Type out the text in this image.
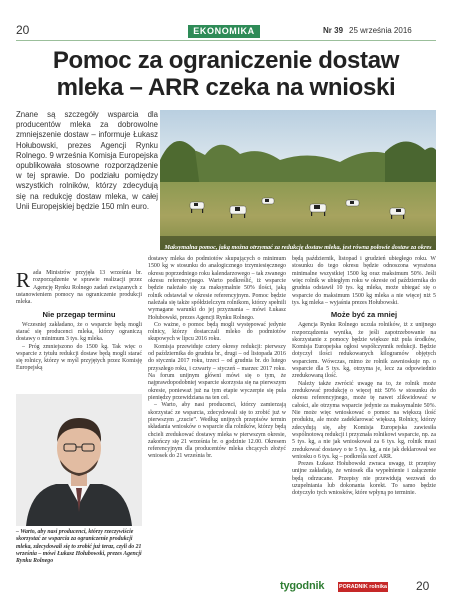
20	EKONOMIKA	Nr 39 25 września 2016
Pomoc za ograniczenie dostaw
mleka – ARR czeka na wnioski
Znane są szczegóły wsparcia dla producentów mleka za dobrowolne zmniejszenie dostaw – informuje Łukasz Hołubowski, prezes Agencji Rynku Rolnego. 9 września Komisja Europejska opublikowała stosowne rozporządzenie w tej sprawie. Do podziału pomiędzy wszystkich rolników, którzy zdecydują się na redukcję dostaw mleka, w całej Unii Europejskiej będzie 150 mln euro.
Maksymalna pomoc, jaką można otrzymać za redukcję dostaw mleka, jest równa połowie dostaw za okres od października do grudnia ubiegłego roku

Rada Ministrów przyjęła 13 września br. rozporządzenie w sprawie realizacji przez Agencję Rynku Rolnego zadań związanych z ustanowieniem pomocy na ograniczenie produkcji mleka.

Nie przegap terminu

Wczesniej zakładano, że o wsparcie będą mogli starać się producenci mleka, którzy ograniczą dostawy o minimum 3 tys. kg mleka.

– Próg zmniejszono do 1500 kg. Tak więc o wsparcie z tytułu redukcji dostaw będą mogli starać się rolnicy, którzy w myśl przyjętych przez Komisję Europejską

– Warto, aby nasi producenci, którzy rzeczywiście skorzystać ze wsparcia za ograniczenie produkcji mleka, zdecydowali się to zrobić już teraz, czyli do 21 września – mówi Łukasz Hołubowski, prezes Agencji Rynku Rolnego

dostawy mleka do podmiotów skupujących o minimum 1500 kg w stosunku do analogicznego trzymiesięcznego okresu poprzedniego roku kalendarzowego – tak zwanego okresu referencyjnego. Warto podkreślić, iż wsparcie będzie należało się za maksymalnie 50% ilości, jaką rolnik odstawiał w okresie referencyjnym. Pomoc będzie należała się także spółdzielczym rolnikom, którzy spełnili wymagane warunki do jej przyznania – mówi Łukasz Hołubowski, prezes Agencji Rynku Rolnego.

Co ważne, o pomoc będą mogli występować jedynie rolnicy, którzy dostarczali mleko do podmiotów skupowych w lipcu 2016 roku.

Komisja przewiduje cztery okresy redukcji: pierwszy od października do grudnia br., drugi – od listopada 2016 do stycznia 2017 roku, trzeci – od grudnia br. do lutego przyszłego roku, i czwarty – styczeń – marzec 2017 roku. Na forum unijnym główni mówi się o tym, że najprawdopodobniej wsparcie skorzysta się na pierwszym okresie, ponieważ już na tym etapie wyczerpie się pula pieniędzy przewidziana na ten cel.

– Warto, aby nasi producenci, którzy zamierzają skorzystać ze wsparcia, zdecydowali się to zrobić już w pierwszym „rzucie”. Według unijnych przepisów termin składania wniosków o wsparcie dla rolników, którzy będą chcieli zredukować dostawy mleka w pierwszym okresie, zakończy się 21 września br. o godzinie 12.00. Okresem referencyjnym dla producentów mleka chcących złożyć wniosek do 21 września br.

będą październik, listopad i grudzień ubiegłego roku. W stosunku do tego okresu będzie odnoszona wyrażona minimalne wszystkiej 1500 kg oraz maksimum 50%. Jeśli więc rolnik w ubiegłym roku w okresie od października do grudnia odstawił 10 tys. kg mleka, może ubiegać się o wsparcie do maksimum 1500 kg mleka a nie więcej niż 5 tys. kg mleka – wyjaśnia prezes Hołubowski.

Może być za mniej

Agencja Rynku Rolnego uczula rolników, iż z unijnego rozporządzenia wynika, że jeśli zapotrzebowanie na skorzystanie z pomocy będzie większe niż pula środków, Komisja Europejska ogłosi współczynnik redukcji. Będzie dotyczył ilości redukowanych kilogramów objętych wsparciem. Wówczas, mimo że rolnik zawnioskuje np. o wsparcie dla 5 tys. kg, otrzyma je, lecz za odpowiednio zredukowaną ilość.

Należy także zwrócić uwagę na to, że rolnik może zredukować produkcję o więcej niż 50% w stosunku do okresu referencyjnego, może tę nawet zlikwidować w całości, ale otrzyma wsparcie jedynie za maksymalnie 50%. Nie może więc wnioskować o pomoc na większą ilość produktu, ale może zadeklarować większą. Rolnicy, którzy zdecydują się, aby Komisja Europejska zawiesiła wspólnotową redukcji i przyznała rolnikowi wsparcie, np. za 5 tys. kg, a nie jak wnioskował za 6 tys. kg, rolnik musi zredukować dostawy o te 5 tys. kg, a nie jak deklarował we wniosku o 6 tys. kg – podkreśla szef ARR.

Prezes Łukasz Hołubowski zwraca uwagę, iż przepisy unijne zakładają, że wniosek dla wypełnienie i załączenie będą odrzucane. Przepisy nie przewidują wezwań do uzupełniania lub dokonania korekt. To samo będzie dotyczyło tych wniosków, które wpłyną po terminie.

tygodnik	PORADNIK rolnika 20
